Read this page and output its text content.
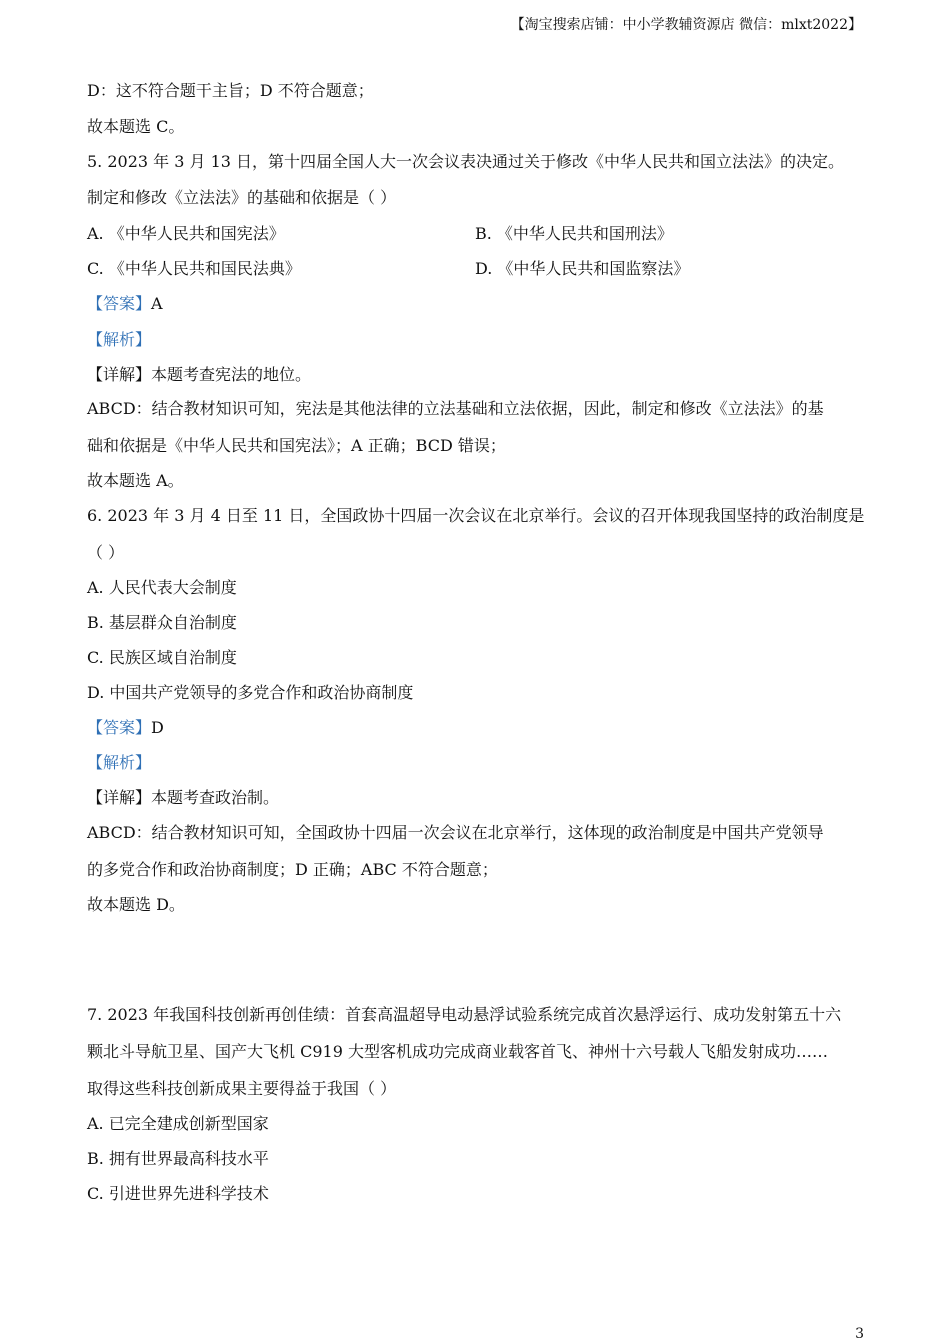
【淘宝搜索店铺：中小学教辅资源店 微信：mlxt2022】
D：这不符合题干主旨；D 不符合题意；
故本题选 C。
5. 2023 年 3 月 13 日，第十四届全国人大一次会议表决通过关于修改《中华人民共和国立法法》的决定。
制定和修改《立法法》的基础和依据是（ ）
A. 《中华人民共和国宪法》	B. 《中华人民共和国刑法》
C. 《中华人民共和国民法典》	D. 《中华人民共和国监察法》
【答案】A
【解析】
【详解】本题考查宪法的地位。
ABCD：结合教材知识可知，宪法是其他法律的立法基础和立法依据，因此，制定和修改《立法法》的基
础和依据是《中华人民共和国宪法》；A 正确；BCD 错误；
故本题选 A。
6. 2023 年 3 月 4 日至 11 日，全国政协十四届一次会议在北京举行。会议的召开体现我国坚持的政治制度是
（ ）
A. 人民代表大会制度
B. 基层群众自治制度
C. 民族区域自治制度
D. 中国共产党领导的多党合作和政治协商制度
【答案】D
【解析】
【详解】本题考查政治制。
ABCD：结合教材知识可知，全国政协十四届一次会议在北京举行，这体现的政治制度是中国共产党领导
的多党合作和政治协商制度；D 正确；ABC 不符合题意；
故本题选 D。
7. 2023 年我国科技创新再创佳绩：首套高温超导电动悬浮试验系统完成首次悬浮运行、成功发射第五十六
颗北斗导航卫星、国产大飞机 C919 大型客机成功完成商业载客首飞、神州十六号载人飞船发射成功……
取得这些科技创新成果主要得益于我国（ ）
A. 已完全建成创新型国家
B. 拥有世界最高科技水平
C. 引进世界先进科学技术
3
